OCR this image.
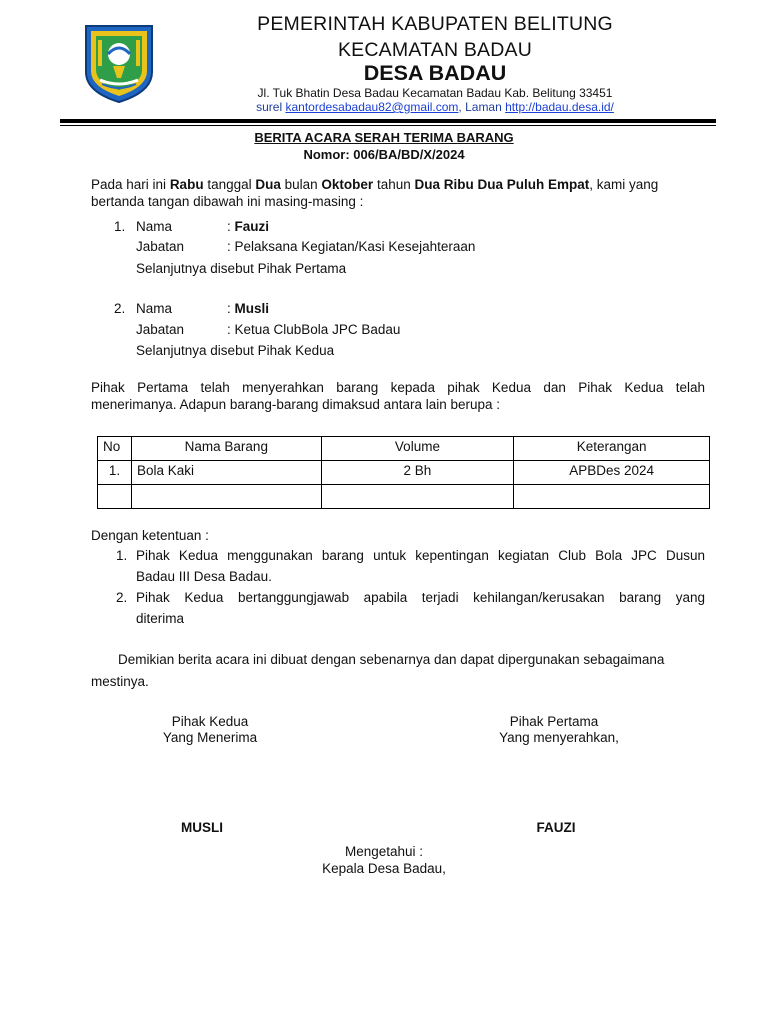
PEMERINTAH KABUPATEN BELITUNG
KECAMATAN BADAU
DESA BADAU
Jl. Tuk Bhatin Desa Badau Kecamatan Badau Kab. Belitung 33451
surel kantordesabadau82@gmail.com, Laman http://badau.desa.id/
BERITA ACARA SERAH TERIMA BARANG
Nomor: 006/BA/BD/X/2024
Pada hari ini Rabu tanggal Dua bulan Oktober tahun Dua Ribu Dua Puluh Empat, kami yang
bertanda tangan dibawah ini masing-masing :
1. Nama	: Fauzi
Jabatan	: Pelaksana Kegiatan/Kasi Kesejahteraan
Selanjutnya disebut Pihak Pertama
2. Nama	: Musli
Jabatan	: Ketua ClubBola JPC Badau
Selanjutnya disebut Pihak Kedua
Pihak Pertama telah menyerahkan barang kepada pihak Kedua dan Pihak Kedua telah
menerimanya. Adapun barang-barang dimaksud antara lain berupa :
No	Nama Barang	Volume	Keterangan
1.	Bola Kaki	2 Bh	APBDes 2024

Dengan ketentuan :
1. Pihak Kedua menggunakan barang untuk kepentingan kegiatan Club Bola JPC Dusun
Badau III Desa Badau.
2. Pihak Kedua bertanggungjawab apabila terjadi kehilangan/kerusakan barang yang
diterima
Demikian berita acara ini dibuat dengan sebenarnya dan dapat dipergunakan sebagaimana
mestinya.
Pihak Kedua
Yang Menerima
MUSLI
Pihak Pertama
Yang menyerahkan,
FAUZI
Mengetahui :
Kepala Desa Badau,
